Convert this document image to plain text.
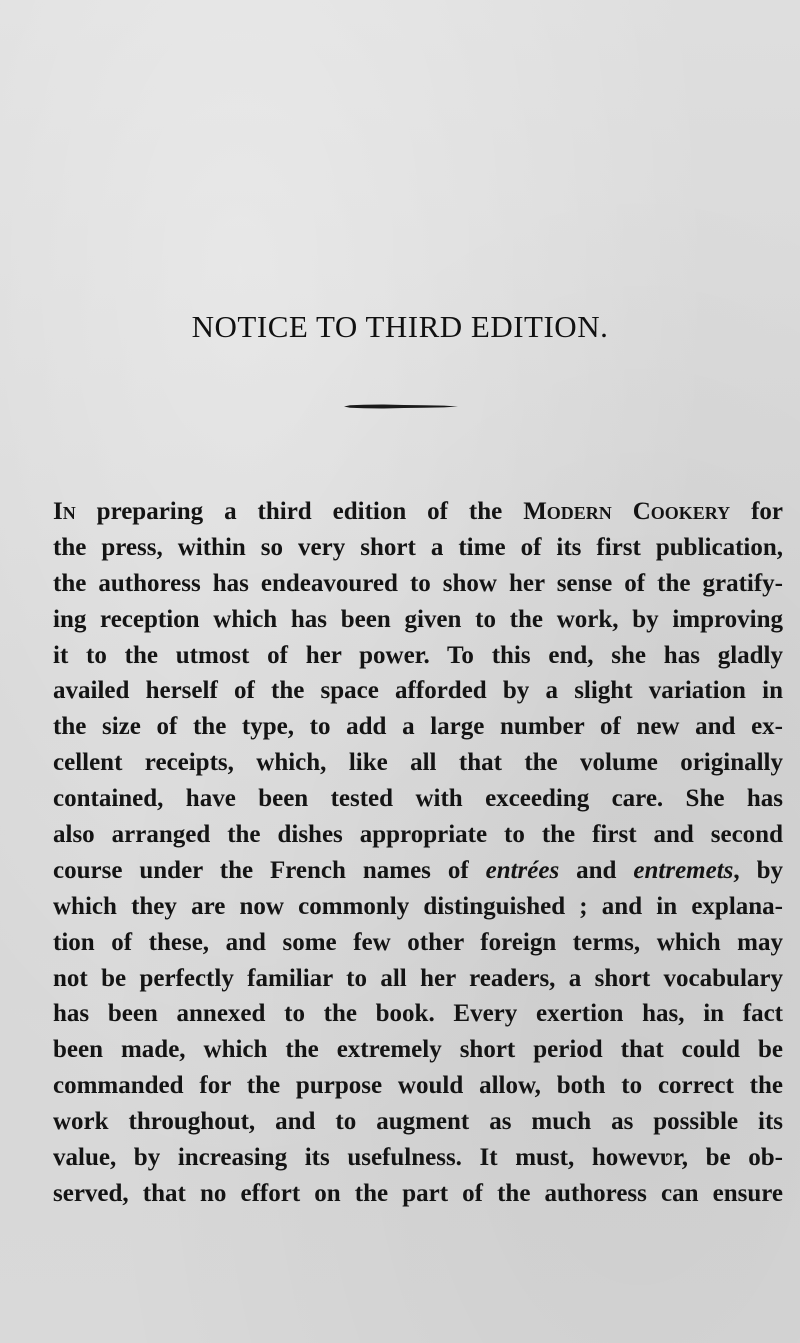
NOTICE TO THIRD EDITION.
In preparing a third edition of the Modern Cookery for
the press, within so very short a time of its first publication,
the authoress has endeavoured to show her sense of the gratify-
ing reception which has been given to the work, by improving
it to the utmost of her power. To this end, she has gladly
availed herself of the space afforded by a slight variation in
the size of the type, to add a large number of new and ex-
cellent receipts, which, like all that the volume originally
contained, have been tested with exceeding care. She has
also arranged the dishes appropriate to the first and second
course under the French names of entrées and entremets, by
which they are now commonly distinguished ; and in explana-
tion of these, and some few other foreign terms, which may
not be perfectly familiar to all her readers, a short vocabulary
has been annexed to the book. Every exertion has, in fact
been made, which the extremely short period that could be
commanded for the purpose would allow, both to correct the
work throughout, and to augment as much as possible its
value, by increasing its usefulness. It must, howevʋr, be ob-
served, that no effort on the part of the authoress can ensure
